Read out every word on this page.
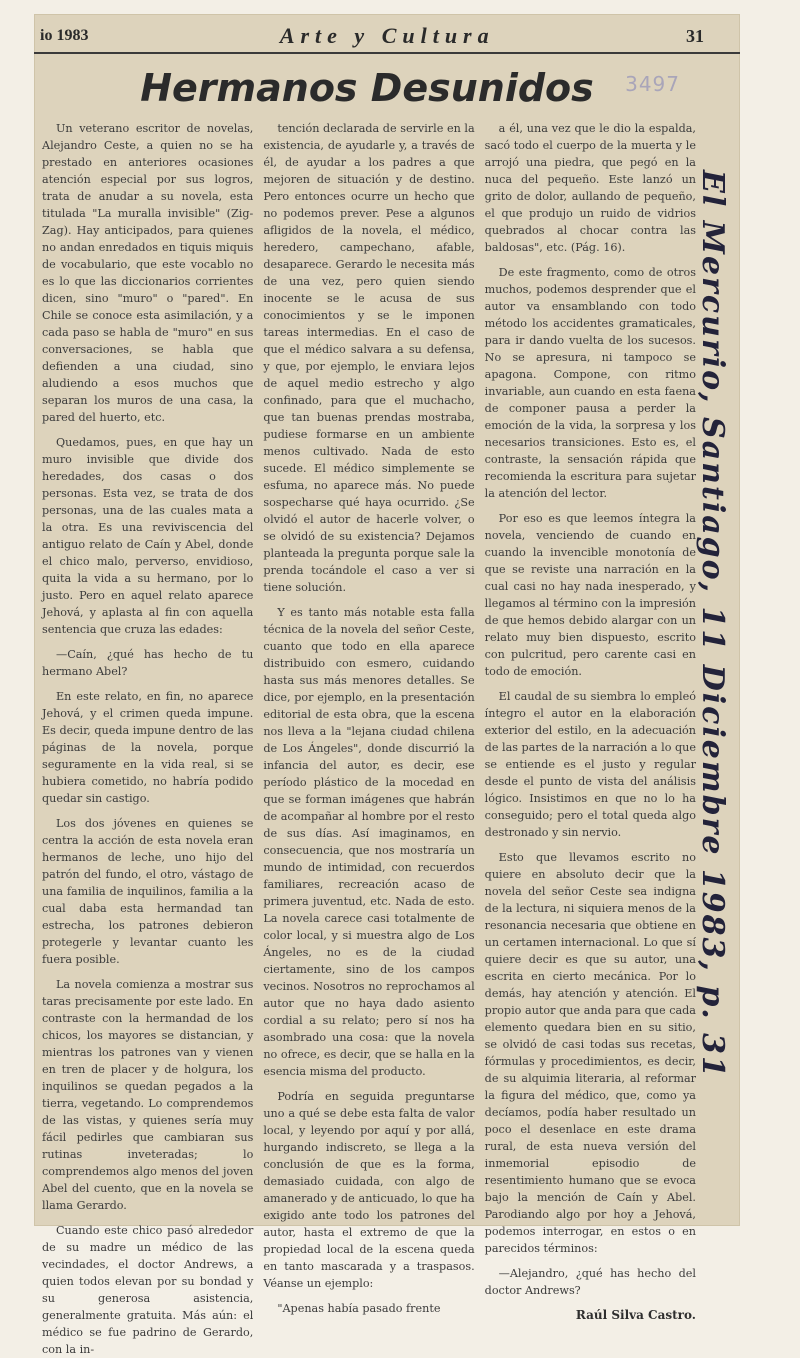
io 1983	Arte y Cultura	31
Hermanos Desunidos	3497

Un veterano escritor de novelas, Alejandro Ceste, a quien no se ha prestado en anteriores ocasiones atención especial por sus logros, trata de anudar a su novela, esta titulada "La muralla invisible" (Zig-Zag). Hay anticipados, para quienes no andan enredados en tiquis miquis de vocabulario, que este vocablo no es lo que las diccionarios corrientes dicen, sino "muro" o "pared". En Chile se conoce esta asimilación, y a cada paso se habla de "muro" en sus conversaciones, se habla que defienden a una ciudad, sino aludiendo a esos muchos que separan los muros de una casa, la pared del huerto, etc.

Quedamos, pues, en que hay un muro invisible que divide dos heredades, dos casas o dos personas. Esta vez, se trata de dos personas, una de las cuales mata a la otra. Es una reviviscencia del antiguo relato de Caín y Abel, donde el chico malo, perverso, envidioso, quita la vida a su hermano, por lo justo. Pero en aquel relato aparece Jehová, y aplasta al fin con aquella sentencia que cruza las edades:

—Caín, ¿qué has hecho de tu hermano Abel?

En este relato, en fin, no aparece Jehová, y el crimen queda impune. Es decir, queda impune dentro de las páginas de la novela, porque seguramente en la vida real, si se hubiera cometido, no habría podido quedar sin castigo.

Los dos jóvenes en quienes se centra la acción de esta novela eran hermanos de leche, uno hijo del patrón del fundo, el otro, vástago de una familia de inquilinos, familia a la cual daba esta hermandad tan estrecha, los patrones debieron protegerle y levantar cuanto les fuera posible.

La novela comienza a mostrar sus taras precisamente por este lado. En contraste con la hermandad de los chicos, los mayores se distancian, y mientras los patrones van y vienen en tren de placer y de holgura, los inquilinos se quedan pegados a la tierra, vegetando. Lo comprendemos de las vistas, y quienes sería muy fácil pedirles que cambiaran sus rutinas inveteradas; lo comprendemos algo menos del joven Abel del cuento, que en la novela se llama Gerardo.

Cuando este chico pasó alrededor de su madre un médico de las vecindades, el doctor Andrews, a quien todos elevan por su bondad y su generosa asistencia, generalmente gratuita. Más aún: el médico se fue padrino de Gerardo, con la in-

tención declarada de servirle en la existencia, de ayudarle y, a través de él, de ayudar a los padres a que mejoren de situación y de destino. Pero entonces ocurre un hecho que no podemos prever. Pese a algunos afligidos de la novela, el médico, heredero, campechano, afable, desaparece. Gerardo le necesita más de una vez, pero quien siendo inocente se le acusa de sus conocimientos y se le imponen tareas intermedias. En el caso de que el médico salvara a su defensa, y que, por ejemplo, le enviara lejos de aquel medio estrecho y algo confinado, para que el muchacho, que tan buenas prendas mostraba, pudiese formarse en un ambiente menos cultivado. Nada de esto sucede. El médico simplemente se esfuma, no aparece más. No puede sospecharse qué haya ocurrido. ¿Se olvidó el autor de hacerle volver, o se olvidó de su existencia? Dejamos planteada la pregunta porque sale la prenda tocándole el caso a ver si tiene solución.

Y es tanto más notable esta falla técnica de la novela del señor Ceste, cuanto que todo en ella aparece distribuido con esmero, cuidando hasta sus más menores detalles. Se dice, por ejemplo, en la presentación editorial de esta obra, que la escena nos lleva a la "lejana ciudad chilena de Los Ángeles", donde discurrió la infancia del autor, es decir, ese período plástico de la mocedad en que se forman imágenes que habrán de acompañar al hombre por el resto de sus días. Así imaginamos, en consecuencia, que nos mostraría un mundo de intimidad, con recuerdos familiares, recreación acaso de primera juventud, etc. Nada de esto. La novela carece casi totalmente de color local, y si muestra algo de Los Ángeles, no es de la ciudad ciertamente, sino de los campos vecinos. Nosotros no reprochamos al autor que no haya dado asiento cordial a su relato; pero sí nos ha asombrado una cosa: que la novela no ofrece, es decir, que se halla en la esencia misma del producto.

Podría en seguida preguntarse uno a qué se debe esta falta de valor local, y leyendo por aquí y por allá, hurgando indiscreto, se llega a la conclusión de que es la forma, demasiado cuidada, con algo de amanerado y de anticuado, lo que ha exigido ante todo los patrones del autor, hasta el extremo de que la propiedad local de la escena queda en tanto mascarada y a traspasos. Véanse un ejemplo:

"Apenas había pasado frente

a él, una vez que le dio la espalda, sacó todo el cuerpo de la muerta y le arrojó una piedra, que pegó en la nuca del pequeño. Este lanzó un grito de dolor, aullando de pequeño, el que produjo un ruido de vidrios quebrados al chocar contra las baldosas", etc. (Pág. 16).

De este fragmento, como de otros muchos, podemos desprender que el autor va ensamblando con todo método los accidentes gramaticales, para ir dando vuelta de los sucesos. No se apresura, ni tampoco se apagona. Compone, con ritmo invariable, aun cuando en esta faena de componer pausa a perder la emoción de la vida, la sorpresa y los necesarios transiciones. Esto es, el contraste, la sensación rápida que recomienda la escritura para sujetar la atención del lector.

Por eso es que leemos íntegra la novela, venciendo de cuando en cuando la invencible monotonía de que se reviste una narración en la cual casi no hay nada inesperado, y llegamos al término con la impresión de que hemos debido alargar con un relato muy bien dispuesto, escrito con pulcritud, pero carente casi en todo de emoción.

El caudal de su siembra lo empleó íntegro el autor en la elaboración exterior del estilo, en la adecuación de las partes de la narración a lo que se entiende es el justo y regular desde el punto de vista del análisis lógico. Insistimos en que no lo ha conseguido; pero el total queda algo destronado y sin nervio.

Esto que llevamos escrito no quiere en absoluto decir que la novela del señor Ceste sea indigna de la lectura, ni siquiera menos de la resonancia necesaria que obtiene en un certamen internacional. Lo que sí quiere decir es que su autor, una escrita en cierto mecánica. Por lo demás, hay atención y atención. El propio autor que anda para que cada elemento quedara bien en su sitio, se olvidó de casi todas sus recetas, fórmulas y procedimientos, es decir, de su alquimia literaria, al reformar la figura del médico, que, como ya decíamos, podía haber resultado un poco el desenlace en este drama rural, de esta nueva versión del inmemorial episodio de resentimiento humano que se evoca bajo la mención de Caín y Abel. Parodiando algo por hoy a Jehová, podemos interrogar, en estos o en parecidos términos:

—Alejandro, ¿qué has hecho del doctor Andrews?

Raúl Silva Castro.
El Mercurio, Santiago, 11 Diciembre 1983, p. 31
